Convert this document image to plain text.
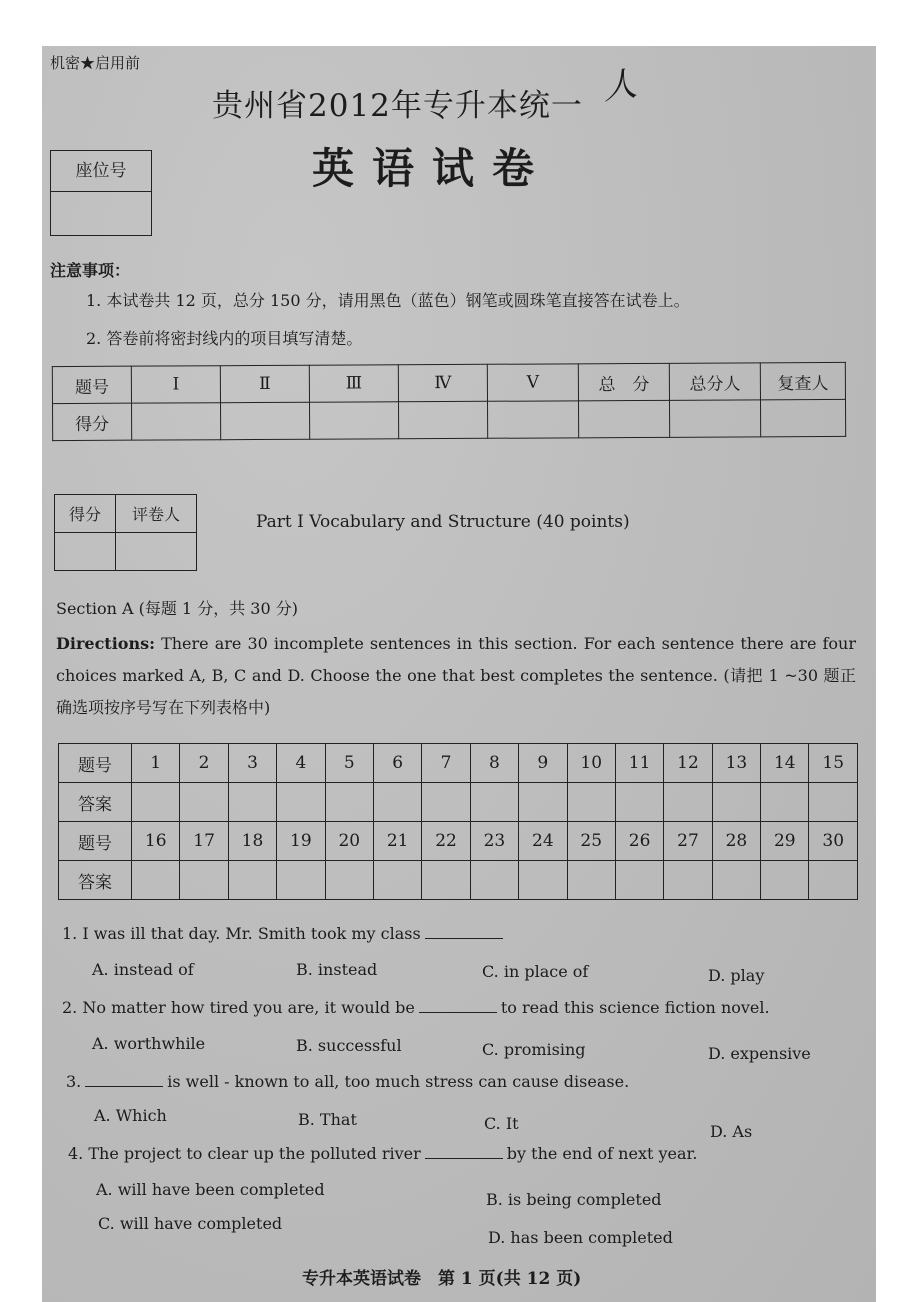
机密★启用前
贵州省2012年专升本统一 人
英语试卷
座位号
注意事项：
1. 本试卷共 12 页，总分 150 分，请用黑色（蓝色）钢笔或圆珠笔直接答在试卷上。
2. 答卷前将密封线内的项目填写清楚。
题号	Ⅰ	Ⅱ	Ⅲ	Ⅳ	Ⅴ	总　分	总分人	复查人
得分								
得分	评卷人
		Part Ⅰ Vocabulary and Structure (40 points)
Section A (每题 1 分，共 30 分)
Directions: There are 30 incomplete sentences in this section. For each sentence there are four choices marked A, B, C and D. Choose the one that best completes the sentence. (请把 1 ~30 题正确选项按序号写在下列表格中)
题号	1	2	3	4	5	6	7	8	9	10	11	12	13	14	15
答案															
题号	16	17	18	19	20	21	22	23	24	25	26	27	28	29	30
答案															
1. I was ill that day. Mr. Smith took my class
A. instead of	B. instead	C. in place of	D. play
2. No matter how tired you are, it would be	to read this science fiction novel.
A. worthwhile	B. successful	C. promising	D. expensive
3.	is well - known to all, too much stress can cause disease.
A. Which	B. That	C. It	D. As
4. The project to clear up the polluted river	by the end of next year.
A. will have been completed
B. is being completed
C. will have completed
D. has been completed
专升本英语试卷　第 1 页(共 12 页)
